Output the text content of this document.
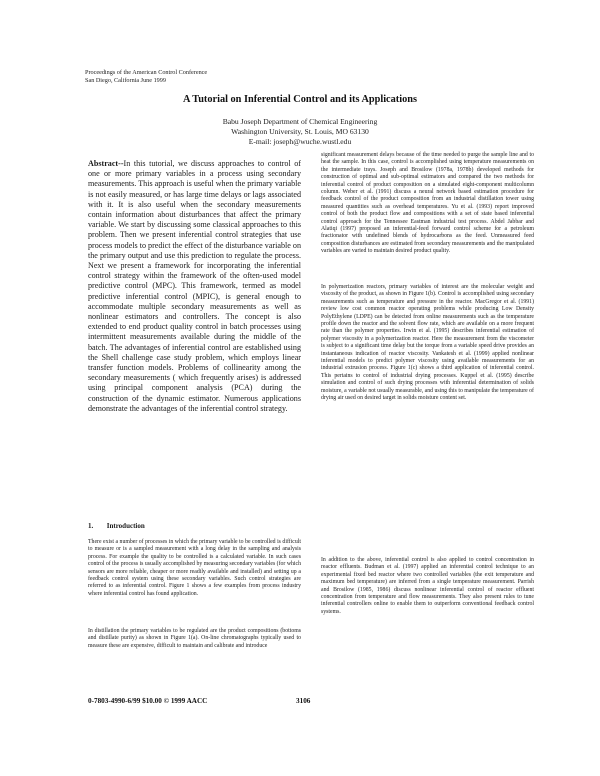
Proceedings of the American Control Conference
San Diego, California June 1999
A Tutorial on Inferential Control and its Applications
Babu Joseph Department of Chemical Engineering
Washington University, St. Louis, MO 63130
E-mail: joseph@wuche.wustl.edu

Abstract--In this tutorial, we discuss approaches to control of one or more primary variables in a process using secondary measurements. This approach is useful when the primary variable is not easily measured, or has large time delays or lags associated with it. It is also useful when the secondary measurements contain information about disturbances that affect the primary variable. We start by discussing some classical approaches to this problem. Then we present inferential control strategies that use process models to predict the effect of the disturbance variable on the primary output and use this prediction to regulate the process. Next we present a framework for incorporating the inferential control strategy within the framework of the often-used model predictive control (MPC). This framework, termed as model predictive inferential control (MPIC), is general enough to accommodate multiple secondary measurements as well as nonlinear estimators and controllers. The concept is also extended to end product quality control in batch processes using intermittent measurements available during the middle of the batch. The advantages of inferential control are established using the Shell challenge case study problem, which employs linear transfer function models. Problems of collinearity among the secondary measurements ( which frequently arises) is addressed using principal component analysis (PCA) during the construction of the dynamic estimator. Numerous applications demonstrate the advantages of the inferential control strategy.

1. Introduction
There exist a number of processes in which the primary variable to be controlled is difficult to measure or is a sampled measurement with a long delay in the sampling and analysis process. For example the quality to be controlled is a calculated variable. In such cases control of the process is usually accomplished by measuring secondary variables (for which sensors are more reliable, cheaper or more readily available and installed) and setting up a feedback control system using these secondary variables. Such control strategies are referred to as inferential control. Figure 1 shows a few examples from process industry where inferential control has found application.
In distillation the primary variables to be regulated are the product compositions (bottoms and distillate purity) as shown in Figure 1(a). On-line chromatographs typically used to measure these are expensive, difficult to maintain and calibrate and introduce
significant measurement delays because of the time needed to purge the sample line and to heat the sample. In this case, control is accomplished using temperature measurements on the intermediate trays. Joseph and Brosilow (1978a, 1978b) developed methods for construction of optimal and sub-optimal estimators and compared the two methods for inferential control of product composition on a simulated eight-component multicolumn column. Weber et al. (1991) discuss a neural network based estimation procedure for feedback control of the product composition from an industrial distillation tower using measured quantities such as overhead temperatures. Yu et al. (1993) report improved control of both the product flow and compositions with a set of state based inferential control approach for the Tennessee Eastman industrial test process. Abdel Jabbar and Alatiqi (1997) proposed an inferential-feed forward control scheme for a petroleum fractionator with undefined blends of hydrocarbons as the feed. Unmeasured feed composition disturbances are estimated from secondary measurements and the manipulated variables are varied to maintain desired product quality.
In polymerization reactors, primary variables of interest are the molecular weight and viscosity of the product, as shown in Figure 1(b). Control is accomplished using secondary measurements such as temperature and pressure in the reactor. MacGregor et al. (1991) review low cost common reactor operating problems while producing Low Density PolyEthylene (LDPE) can be detected from online measurements such as the temperature profile down the reactor and the solvent flow rate, which are available on a more frequent rate than the polymer properties. Irwin et al. (1995) describes inferential estimation of polymer viscosity in a polymerization reactor. Here the measurement from the viscometer is subject to a significant time delay but the torque from a variable speed drive provides an instantaneous indication of reactor viscosity. Vankatesh et al. (1999) applied nonlinear inferential models to predict polymer viscosity using available measurements for an industrial extrusion process. Figure 1(c) shows a third application of inferential control. This pertains to control of industrial drying processes. Kuppel et al. (1995) describe simulation and control of such drying processes with inferential determination of solids moisture, a variable not usually measurable, and using this to manipulate the temperature of drying air used on desired target in solids moisture content set.
In addition to the above, inferential control is also applied to control concentration in reactor effluents. Budman et al. (1997) applied an inferential control technique to an experimental fixed bed reactor where two controlled variables (the exit temperature and maximum bed temperature) are inferred from a single temperature measurement. Parrish and Brosilow (1985, 1986) discuss nonlinear inferential control of reactor effluent concentration from temperature and flow measurements. They also present rules to tune inferential controllers online to enable them to outperform conventional feedback control systems.
0-7803-4990-6/99 $10.00 © 1999 AACC	3106
